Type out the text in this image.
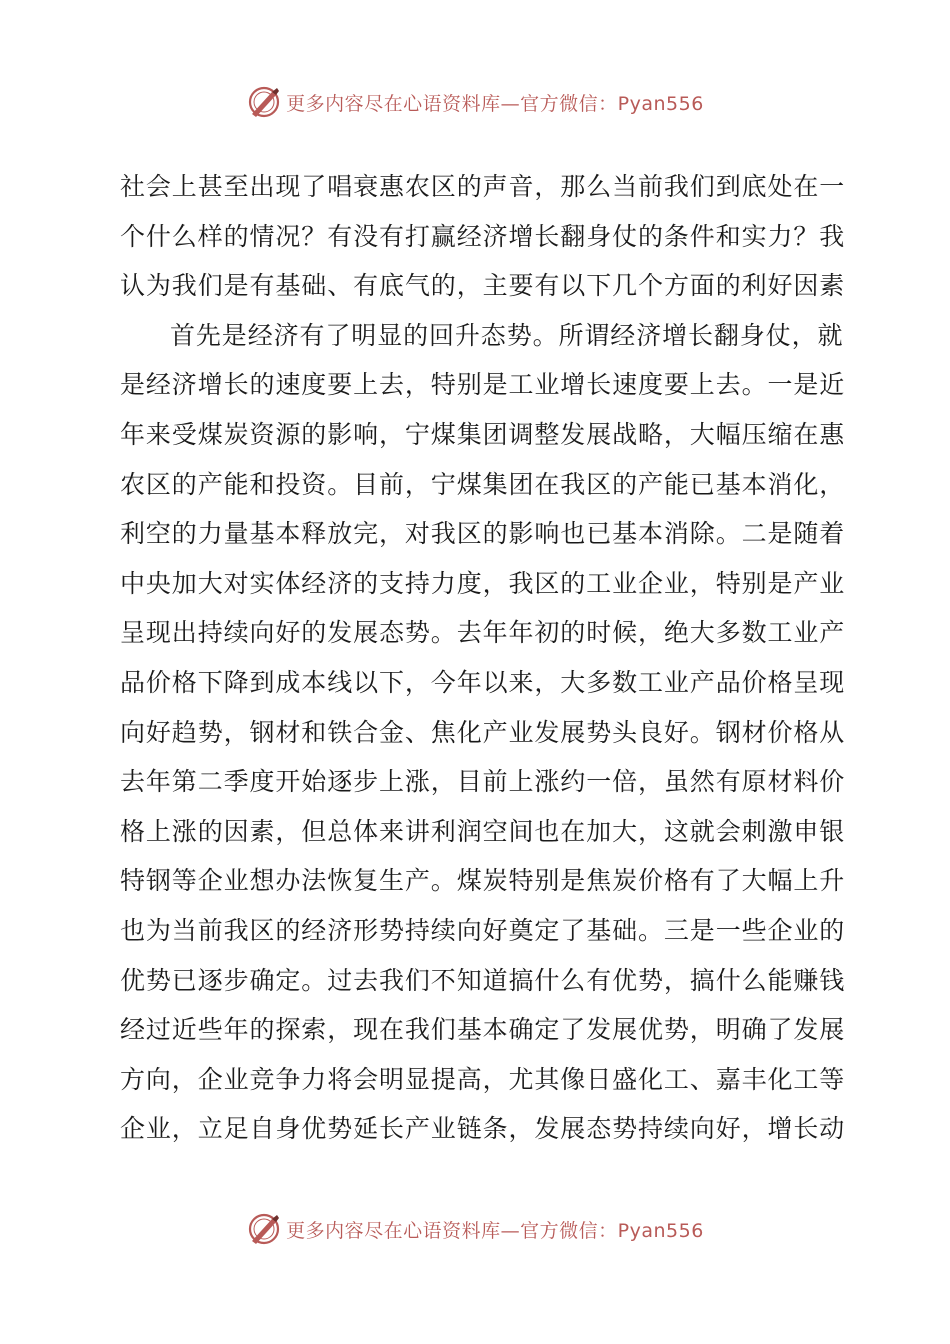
更多内容尽在心语资料库—官方微信：Pyan556
社会上甚至出现了唱衰惠农区的声音，那么当前我们到底处在一
个什么样的情况？有没有打赢经济增长翻身仗的条件和实力？我
认为我们是有基础、有底气的，主要有以下几个方面的利好因素
首先是经济有了明显的回升态势。所谓经济增长翻身仗，就
是经济增长的速度要上去，特别是工业增长速度要上去。一是近
年来受煤炭资源的影响，宁煤集团调整发展战略，大幅压缩在惠
农区的产能和投资。目前，宁煤集团在我区的产能已基本消化，
利空的力量基本释放完，对我区的影响也已基本消除。二是随着
中央加大对实体经济的支持力度，我区的工业企业，特别是产业
呈现出持续向好的发展态势。去年年初的时候，绝大多数工业产
品价格下降到成本线以下，今年以来，大多数工业产品价格呈现
向好趋势，钢材和铁合金、焦化产业发展势头良好。钢材价格从
去年第二季度开始逐步上涨，目前上涨约一倍，虽然有原材料价
格上涨的因素，但总体来讲利润空间也在加大，这就会刺激申银
特钢等企业想办法恢复生产。煤炭特别是焦炭价格有了大幅上升
也为当前我区的经济形势持续向好奠定了基础。三是一些企业的
优势已逐步确定。过去我们不知道搞什么有优势，搞什么能赚钱
经过近些年的探索，现在我们基本确定了发展优势，明确了发展
方向，企业竞争力将会明显提高，尤其像日盛化工、嘉丰化工等
企业，立足自身优势延长产业链条，发展态势持续向好，增长动
更多内容尽在心语资料库—官方微信：Pyan556
